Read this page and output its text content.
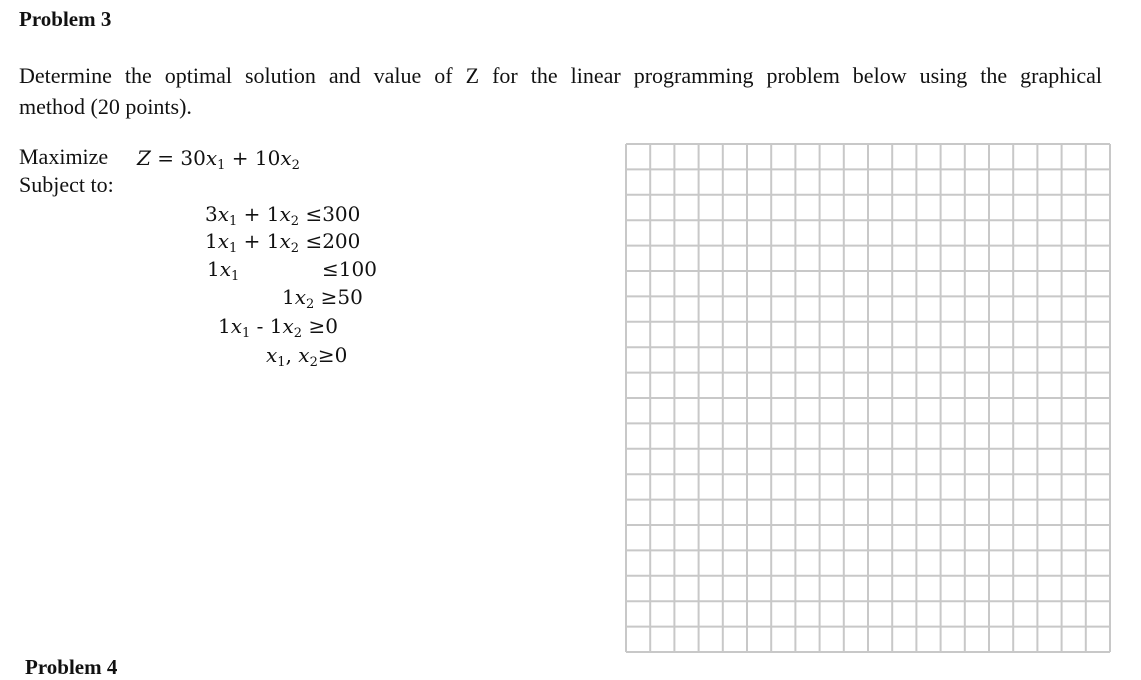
Problem 3
Determine the optimal solution and value of Z for the linear programming problem below using the graphical
method (20 points).
Maximize $Z = 30x_1 + 10x_2$
Subject to:
$3x_1 + 1x_2 \le 300$
$1x_1 + 1x_2 \le 200$
$1x_1$	≤100
$1x_2 \ge 50$
$1x_1 - 1x_2 \ge 0$
$x_1$, $x_2\ge 0$
Problem 4
